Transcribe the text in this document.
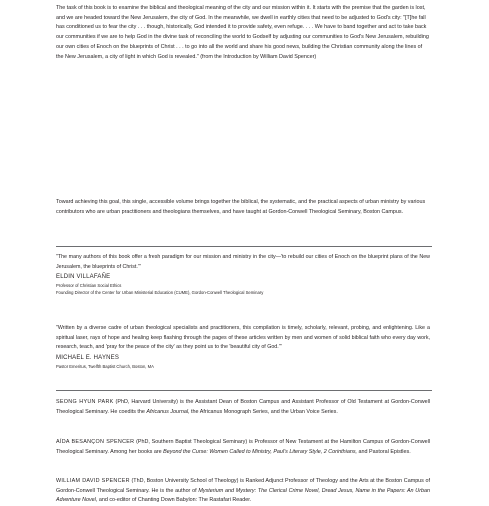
The task of this book is to examine the biblical and theological meaning of the city and our mission within it. It starts with the premise that the garden is lost, and we are headed toward the New Jerusalem, the city of God. In the meanwhile, we dwell in earthly cities that need to be adjusted to God's city: "[T]he fall has conditioned us to fear the city . . . though, historically, God intended it to provide safety, even refuge. . . . We have to band together and act to take back our communities if we are to help God in the divine task of reconciling the world to Godself by adjusting our communities to God's New Jerusalem, rebuilding our own cities of Enoch on the blueprints of Christ . . . to go into all the world and share his good news, building the Christian community along the lines of the New Jerusalem, a city of light in which God is revealed." (from the Introduction by William David Spencer)

Toward achieving this goal, this single, accessible volume brings together the biblical, the systematic, and the practical aspects of urban ministry by various contributors who are urban practitioners and theologians themselves, and have taught at Gordon-Conwell Theological Seminary, Boston Campus.

"The many authors of this book offer a fresh paradigm for our mission and ministry in the city—'to rebuild our cities of Enoch on the blueprint plans of the New Jerusalem, the blueprints of Christ.'"

ELDIN VILLAFAÑE
Professor of Christian Social Ethics
Founding Director of the Center for Urban Ministerial Education (CUME), Gordon-Conwell Theological Seminary

"Written by a diverse cadre of urban theological specialists and practitioners, this compilation is timely, scholarly, relevant, probing, and enlightening. Like a spiritual laser, rays of hope and healing keep flashing through the pages of these articles written by men and women of solid biblical faith who every day work, research, teach, and 'pray for the peace of the city' as they point us to the 'beautiful city of God.'"

MICHAEL E. HAYNES
Pastor Emeritus, Twelfth Baptist Church, Boston, MA

SEONG HYUN PARK (PhD, Harvard University) is the Assistant Dean of Boston Campus and Assistant Professor of Old Testament at Gordon-Conwell Theological Seminary. He coedits the Africanus Journal, the Africanus Monograph Series, and the Urban Voice Series.

AÍDA BESANÇON SPENCER (PhD, Southern Baptist Theological Seminary) is Professor of New Testament at the Hamilton Campus of Gordon-Conwell Theological Seminary. Among her books are Beyond the Curse: Women Called to Ministry, Paul's Literary Style, 2 Corinthians, and Pastoral Epistles.

WILLIAM DAVID SPENCER (ThD, Boston University School of Theology) is Ranked Adjunct Professor of Theology and the Arts at the Boston Campus of Gordon-Conwell Theological Seminary. He is the author of Mysterium and Mystery: The Clerical Crime Novel, Dread Jesus, Name in the Papers: An Urban Adventure Novel, and co-editor of Chanting Down Babylon: The Rastafari Reader.
